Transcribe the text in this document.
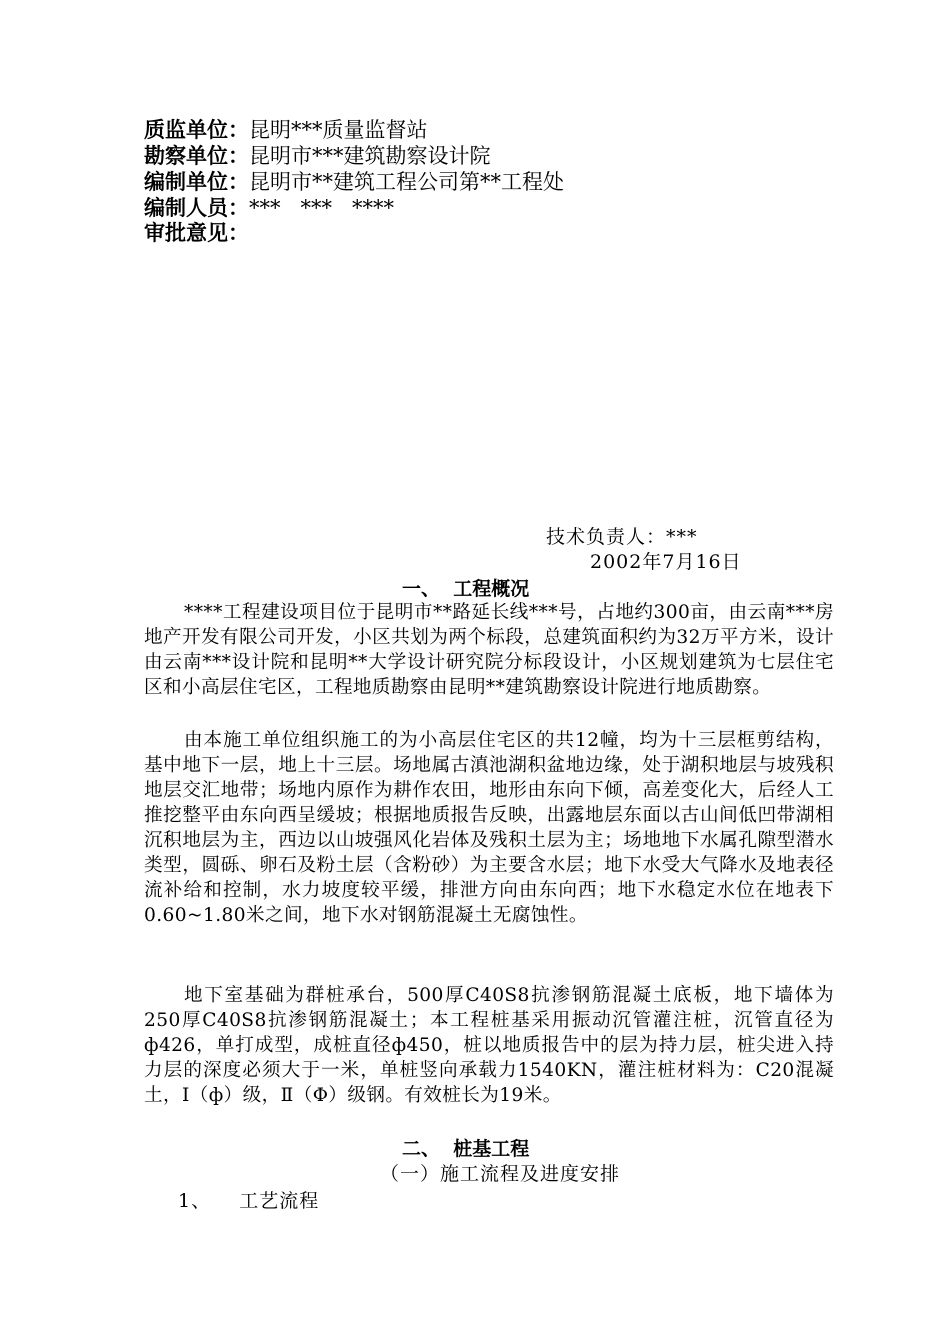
质监单位：昆明***质量监督站
勘察单位：昆明市***建筑勘察设计院
编制单位：昆明市**建筑工程公司第**工程处
编制人员：***   ***   ****
审批意见：
技术负责人：***
2002年7月16日
一、  工程概况
****工程建设项目位于昆明市**路延长线***号，占地约300亩，由云南***房地产开发有限公司开发，小区共划为两个标段，总建筑面积约为32万平方米，设计由云南***设计院和昆明**大学设计研究院分标段设计，小区规划建筑为七层住宅区和小高层住宅区，工程地质勘察由昆明**建筑勘察设计院进行地质勘察。
由本施工单位组织施工的为小高层住宅区的共12幢，均为十三层框剪结构，基中地下一层，地上十三层。场地属古滇池湖积盆地边缘，处于湖积地层与坡残积地层交汇地带；场地内原作为耕作农田，地形由东向下倾，高差变化大，后经人工推挖整平由东向西呈缓坡；根据地质报告反映，出露地层东面以古山间低凹带湖相沉积地层为主，西边以山坡强风化岩体及残积土层为主；场地地下水属孔隙型潜水类型，圆砾、卵石及粉土层（含粉砂）为主要含水层；地下水受大气降水及地表径流补给和控制，水力坡度较平缓，排泄方向由东向西；地下水稳定水位在地表下0.60~1.80米之间，地下水对钢筋混凝土无腐蚀性。
地下室基础为群桩承台，500厚C40S8抗渗钢筋混凝土底板，地下墙体为250厚C40S8抗渗钢筋混凝土；本工程桩基采用振动沉管灌注桩，沉管直径为ф426，单打成型，成桩直径ф450，桩以地质报告中的层为持力层，桩尖进入持力层的深度必须大于一米，单桩竖向承载力1540KN，灌注桩材料为：C20混凝土，Ⅰ（ф）级，Ⅱ（Φ）级钢。有效桩长为19米。
二、  桩基工程
（一）施工流程及进度安排
1、    工艺流程
